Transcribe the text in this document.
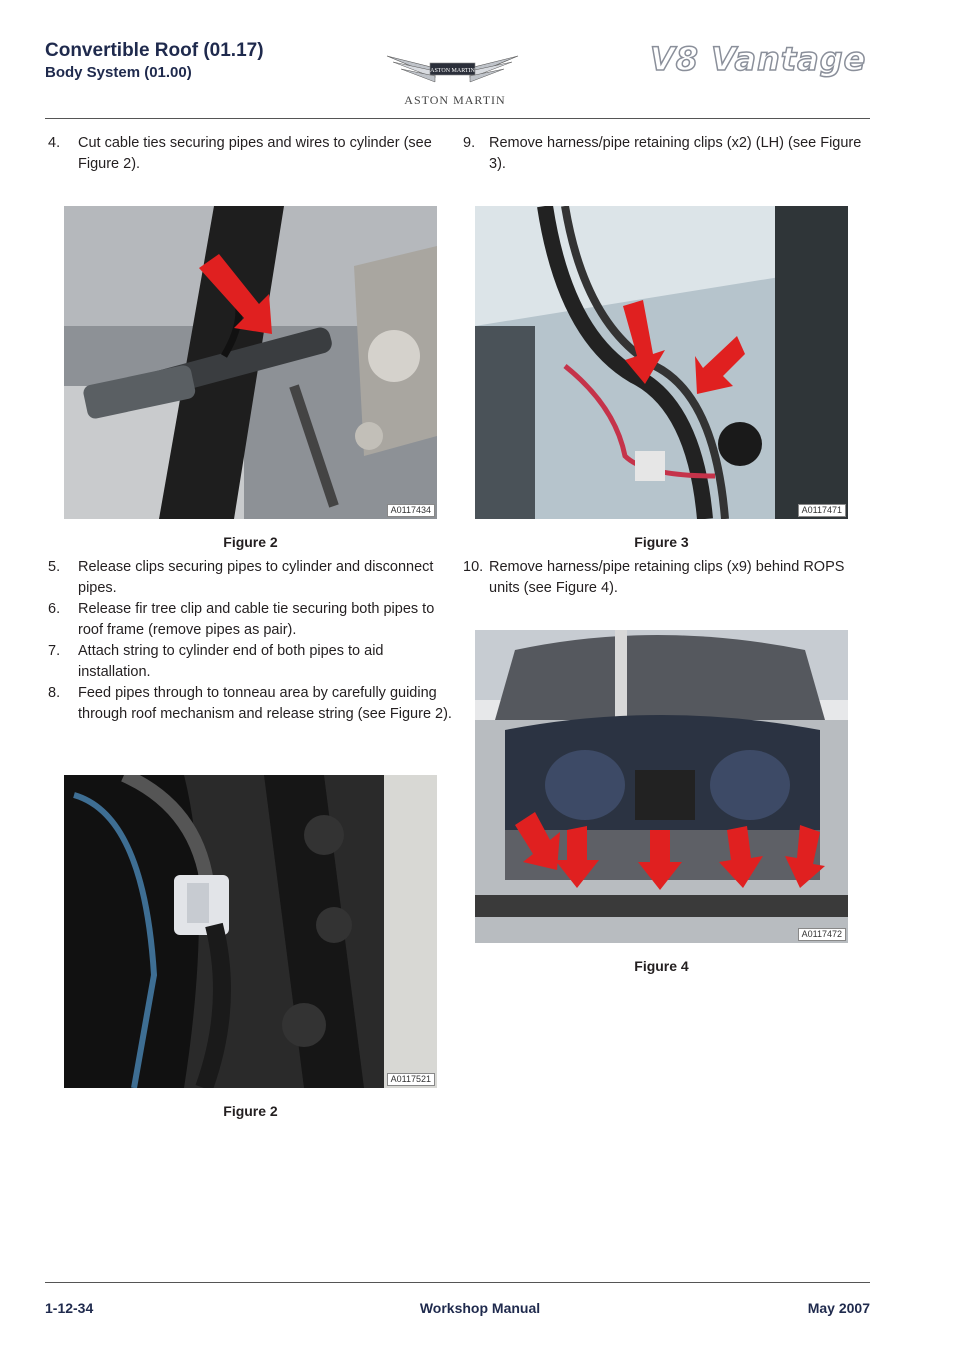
Convertible Roof (01.17)
Body System (01.00)	ASTON MARTIN
ASTON MARTIN
V8 Vantage
4.	Cut cable ties securing pipes and wires to cylinder (see Figure 2).
A0117434
Figure 2
5.	Release clips securing pipes to cylinder and disconnect pipes.
6.	Release fir tree clip and cable tie securing both pipes to roof frame (remove pipes as pair).
7.	Attach string to cylinder end of both pipes to aid installation.
8.	Feed pipes through to tonneau area by carefully guiding through roof mechanism and release string (see Figure 2).
A0117521
Figure 2
9. Remove harness/pipe retaining clips (x2) (LH) (see Figure 3).
A0117471
Figure 3
10. Remove harness/pipe retaining clips (x9) behind ROPS units (see Figure 4).
A0117472
Figure 4
1-12-34	Workshop Manual	May 2007
